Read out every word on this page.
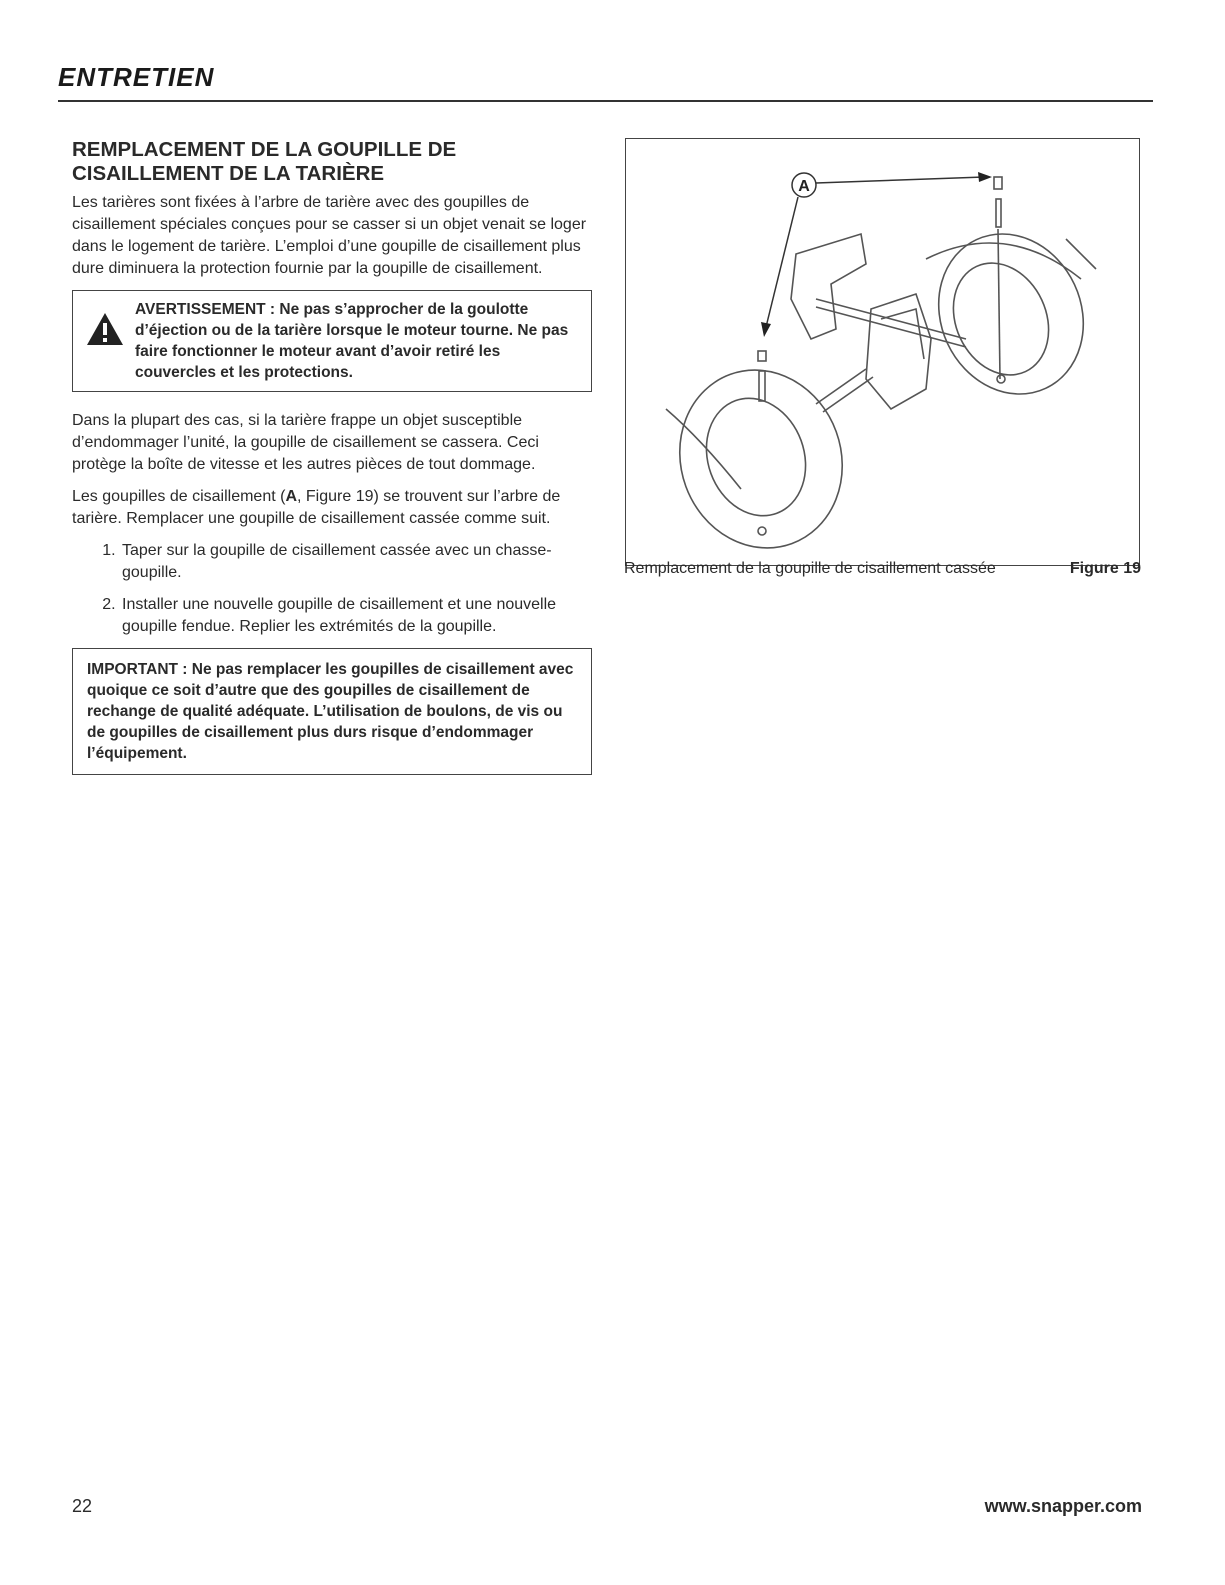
ENTRETIEN
REMPLACEMENT DE LA GOUPILLE DE
CISAILLEMENT DE LA TARIÈRE

Les tarières sont fixées à l’arbre de tarière avec des goupilles de cisaillement spéciales conçues pour se casser si un objet venait se loger dans le logement de tarière. L’emploi d’une goupille de cisaillement plus dure diminuera la protection fournie par la goupille de cisaillement.

AVERTISSEMENT : Ne pas s’approcher de la goulotte d’éjection ou de la tarière lorsque le moteur tourne. Ne pas faire fonctionner le moteur avant d’avoir retiré les couvercles et les protections.

Dans la plupart des cas, si la tarière frappe un objet susceptible d’endommager l’unité, la goupille de cisaillement se cassera. Ceci protège la boîte de vitesse et les autres pièces de tout dommage.

Les goupilles de cisaillement (A, Figure 19) se trouvent sur l’arbre de tarière. Remplacer une goupille de cisaillement cassée comme suit.

1. Taper sur la goupille de cisaillement cassée avec un chasse-goupille.
2. Installer une nouvelle goupille de cisaillement et une nouvelle goupille fendue. Replier les extrémités de la goupille.
IMPORTANT : Ne pas remplacer les goupilles de cisaillement avec quoique ce soit d’autre que des goupilles de cisaillement de rechange de qualité adéquate. L’utilisation de boulons, de vis ou de goupilles de cisaillement plus durs risque d’endommager l’équipement.
A
Remplacement de la goupille de cisaillement cassée	Figure 19
22	www.snapper.com
